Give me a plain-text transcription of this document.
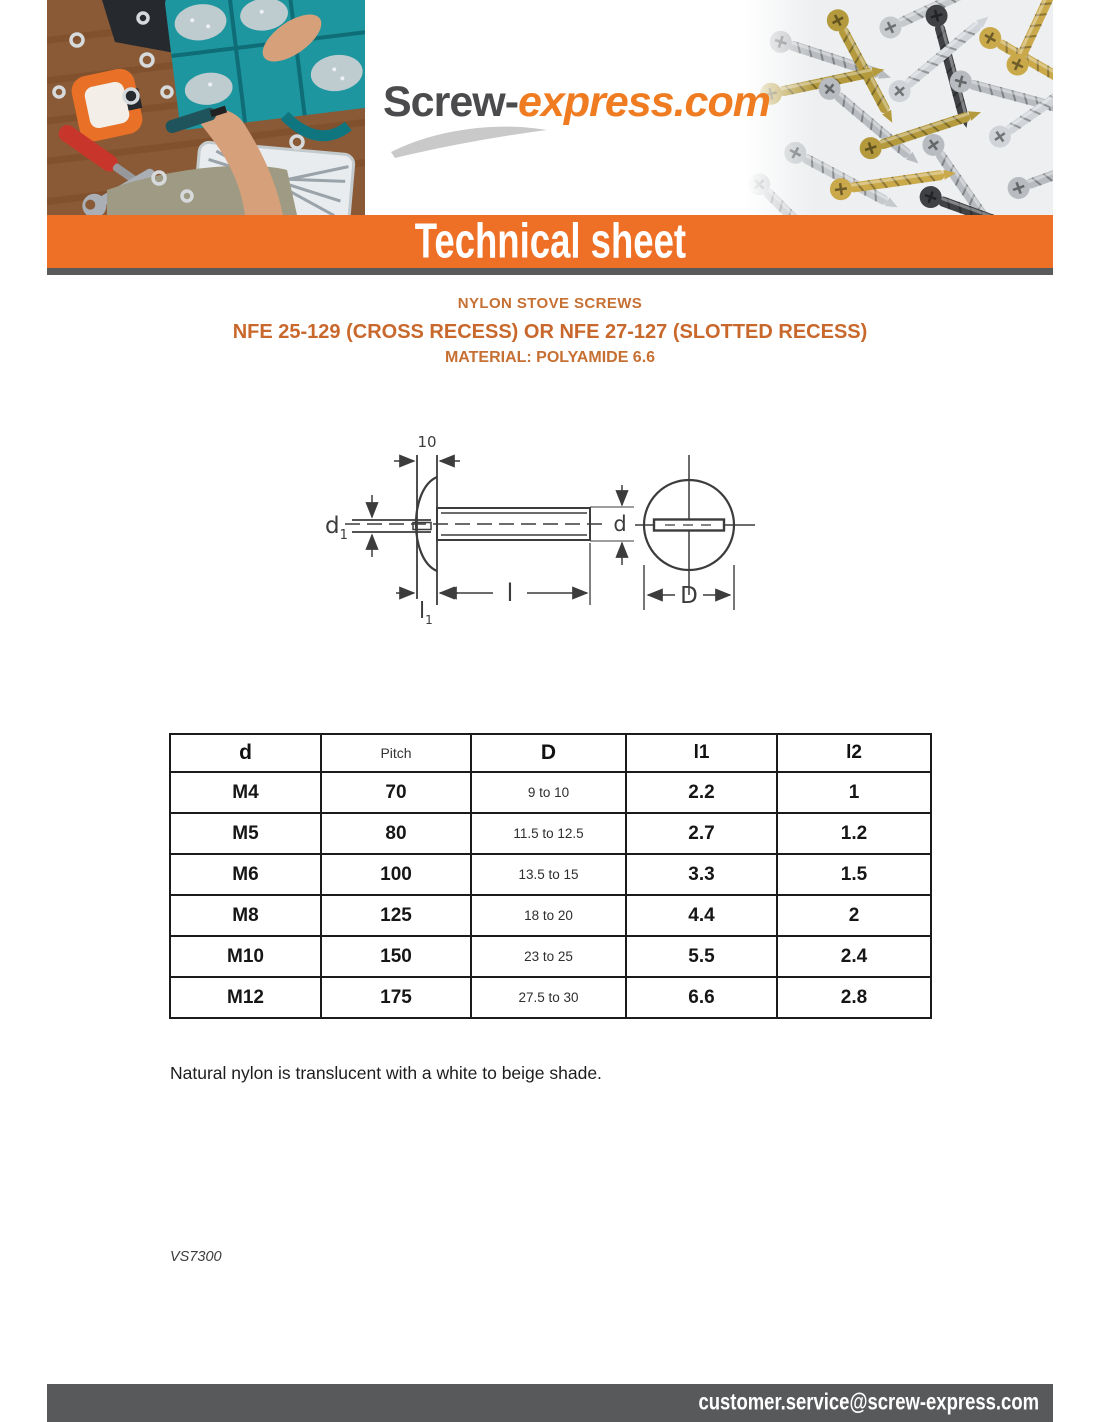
Screw-express.com
Technical sheet
NYLON STOVE SCREWS
NFE 25-129 (CROSS RECESS) OR NFE 27-127 (SLOTTED RECESS)
MATERIAL: POLYAMIDE 6.6
10
$d_1$
l
$l_1$
d
D
d	Pitch	D	l1	l2
M4	70	9 to 10	2.2	1
M5	80	11.5 to 12.5	2.7	1.2
M6	100	13.5 to 15	3.3	1.5
M8	125	18 to 20	4.4	2
M10	150	23 to 25	5.5	2.4
M12	175	27.5 to 30	6.6	2.8
Natural nylon is translucent with a white to beige shade.
VS7300
customer.service@screw-express.com
